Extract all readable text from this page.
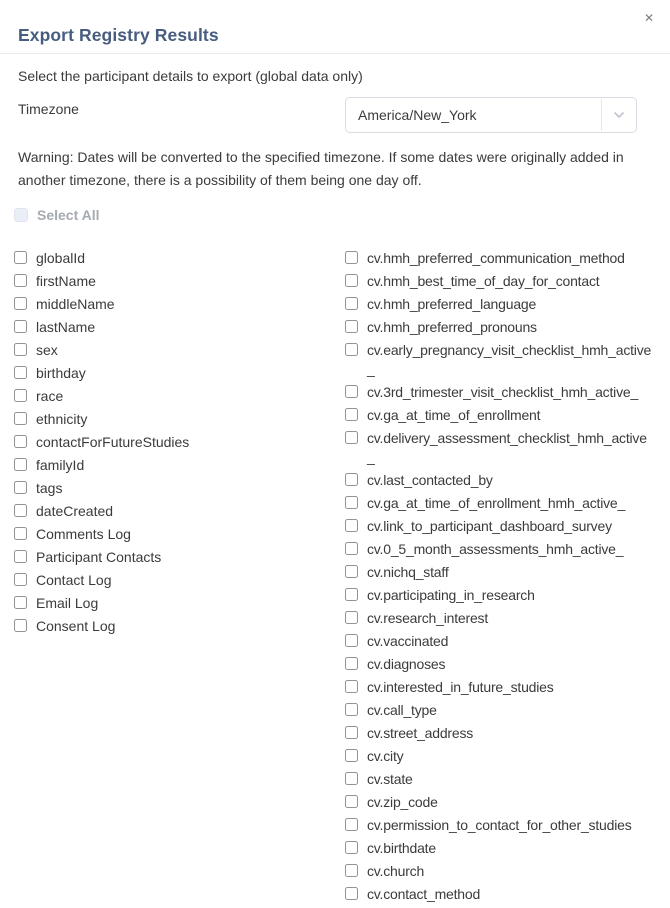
✕
Export Registry Results
Select the participant details to export (global data only)
Timezone	America/New_York
Warning: Dates will be converted to the specified timezone. If some dates were originally added in another timezone, there is a possibility of them being one day off.
Select All
globalId
firstName
middleName
lastName
sex
birthday
race
ethnicity
contactForFutureStudies
familyId
tags
dateCreated
Comments Log
Participant Contacts
Contact Log
Email Log
Consent Log
cv.hmh_preferred_communication_method
cv.hmh_best_time_of_day_for_contact
cv.hmh_preferred_language
cv.hmh_preferred_pronouns
cv.early_pregnancy_visit_checklist_hmh_active_
cv.3rd_trimester_visit_checklist_hmh_active_
cv.ga_at_time_of_enrollment
cv.delivery_assessment_checklist_hmh_active_
cv.last_contacted_by
cv.ga_at_time_of_enrollment_hmh_active_
cv.link_to_participant_dashboard_survey
cv.0_5_month_assessments_hmh_active_
cv.nichq_staff
cv.participating_in_research
cv.research_interest
cv.vaccinated
cv.diagnoses
cv.interested_in_future_studies
cv.call_type
cv.street_address
cv.city
cv.state
cv.zip_code
cv.permission_to_contact_for_other_studies
cv.birthdate
cv.church
cv.contact_method
